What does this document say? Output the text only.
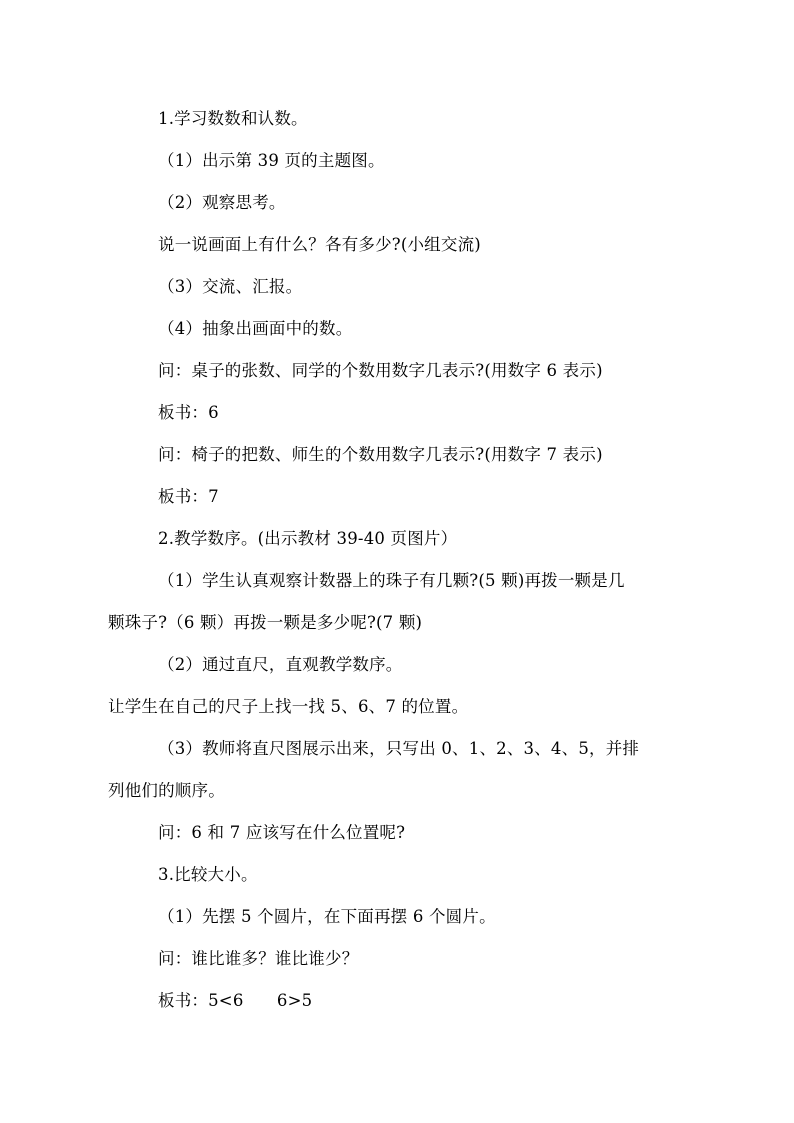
1.学习数数和认数。
（1）出示第 39 页的主题图。
（2）观察思考。
说一说画面上有什么？各有多少?(小组交流)
（3）交流、汇报。
（4）抽象出画面中的数。
问：桌子的张数、同学的个数用数字几表示?(用数字 6 表示)
板书：6
问：椅子的把数、师生的个数用数字几表示?(用数字 7 表示)
板书：7
2.教学数序。(出示教材 39-40 页图片）
（1）学生认真观察计数器上的珠子有几颗?(5 颗)再拨一颗是几
颗珠子?（6 颗）再拨一颗是多少呢?(7 颗)
（2）通过直尺，直观教学数序。
让学生在自己的尺子上找一找 5、6、7 的位置。
（3）教师将直尺图展示出来，只写出 0、1、2、3、4、5，并排
列他们的顺序。
问：6 和 7 应该写在什么位置呢?
3.比较大小。
（1）先摆 5 个圆片，在下面再摆 6 个圆片。
问：谁比谁多？谁比谁少？
板书：5<6　　6>5
